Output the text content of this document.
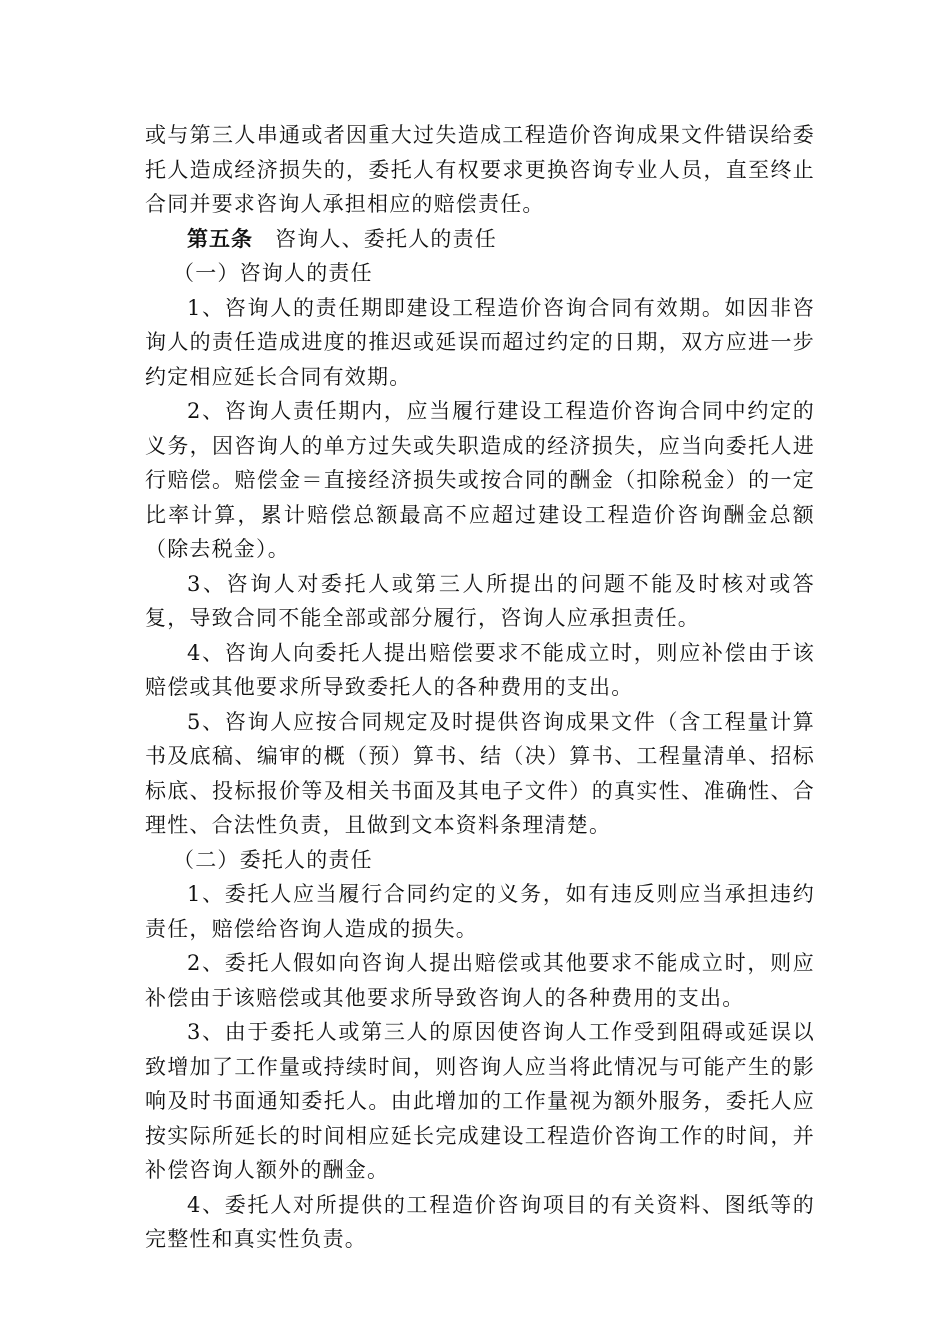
或与第三人串通或者因重大过失造成工程造价咨询成果文件错误给委托人造成经济损失的，委托人有权要求更换咨询专业人员，直至终止合同并要求咨询人承担相应的赔偿责任。

第五条 咨询人、委托人的责任

（一）咨询人的责任

1、咨询人的责任期即建设工程造价咨询合同有效期。如因非咨询人的责任造成进度的推迟或延误而超过约定的日期，双方应进一步约定相应延长合同有效期。

2、咨询人责任期内，应当履行建设工程造价咨询合同中约定的义务，因咨询人的单方过失或失职造成的经济损失，应当向委托人进行赔偿。赔偿金＝直接经济损失或按合同的酬金（扣除税金）的一定比率计算，累计赔偿总额最高不应超过建设工程造价咨询酬金总额（除去税金）。

3、咨询人对委托人或第三人所提出的问题不能及时核对或答复，导致合同不能全部或部分履行，咨询人应承担责任。

4、咨询人向委托人提出赔偿要求不能成立时，则应补偿由于该赔偿或其他要求所导致委托人的各种费用的支出。

5、咨询人应按合同规定及时提供咨询成果文件（含工程量计算书及底稿、编审的概（预）算书、结（决）算书、工程量清单、招标标底、投标报价等及相关书面及其电子文件）的真实性、准确性、合理性、合法性负责，且做到文本资料条理清楚。

（二）委托人的责任

1、委托人应当履行合同约定的义务，如有违反则应当承担违约责任，赔偿给咨询人造成的损失。

2、委托人假如向咨询人提出赔偿或其他要求不能成立时，则应补偿由于该赔偿或其他要求所导致咨询人的各种费用的支出。

3、由于委托人或第三人的原因使咨询人工作受到阻碍或延误以致增加了工作量或持续时间，则咨询人应当将此情况与可能产生的影响及时书面通知委托人。由此增加的工作量视为额外服务，委托人应按实际所延长的时间相应延长完成建设工程造价咨询工作的时间，并补偿咨询人额外的酬金。

4、委托人对所提供的工程造价咨询项目的有关资料、图纸等的完整性和真实性负责。
